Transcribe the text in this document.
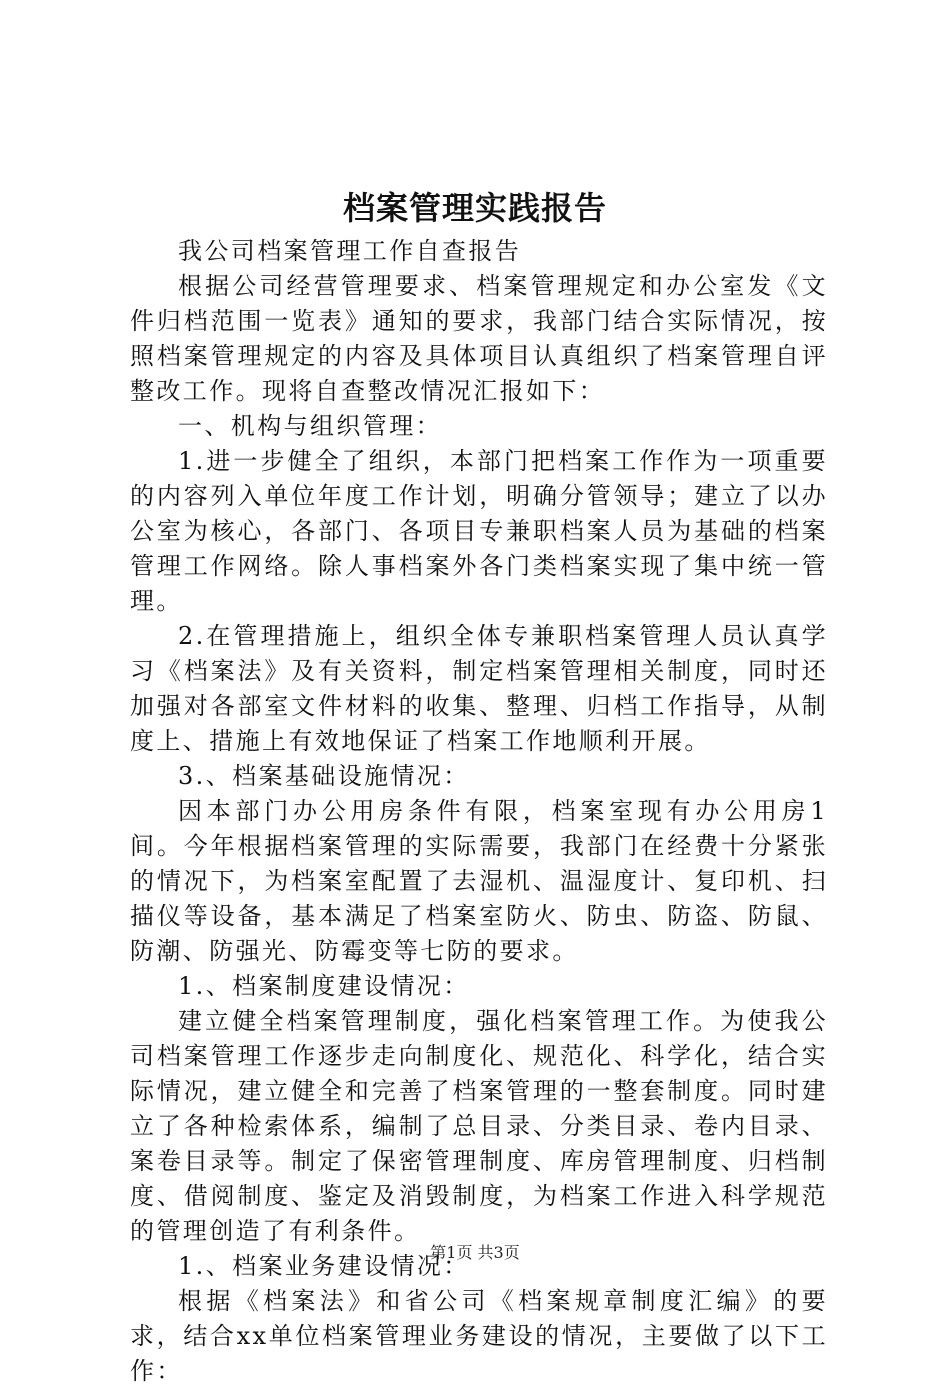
档案管理实践报告

我公司档案管理工作自查报告

根据公司经营管理要求、档案管理规定和办公室发《文件归档范围一览表》通知的要求，我部门结合实际情况，按照档案管理规定的内容及具体项目认真组织了档案管理自评整改工作。现将自查整改情况汇报如下：

一、机构与组织管理：

1.进一步健全了组织，本部门把档案工作作为一项重要的内容列入单位年度工作计划，明确分管领导；建立了以办公室为核心，各部门、各项目专兼职档案人员为基础的档案管理工作网络。除人事档案外各门类档案实现了集中统一管理。

2.在管理措施上，组织全体专兼职档案管理人员认真学习《档案法》及有关资料，制定档案管理相关制度，同时还加强对各部室文件材料的收集、整理、归档工作指导，从制度上、措施上有效地保证了档案工作地顺利开展。

3.、档案基础设施情况：

因本部门办公用房条件有限，档案室现有办公用房1间。今年根据档案管理的实际需要，我部门在经费十分紧张的情况下，为档案室配置了去湿机、温湿度计、复印机、扫描仪等设备，基本满足了档案室防火、防虫、防盗、防鼠、防潮、防强光、防霉变等七防的要求。

1.、档案制度建设情况：

建立健全档案管理制度，强化档案管理工作。为使我公司档案管理工作逐步走向制度化、规范化、科学化，结合实际情况，建立健全和完善了档案管理的一整套制度。同时建立了各种检索体系，编制了总目录、分类目录、卷内目录、案卷目录等。制定了保密管理制度、库房管理制度、归档制度、借阅制度、鉴定及消毁制度，为档案工作进入科学规范的管理创造了有利条件。

1.、档案业务建设情况：

根据《档案法》和省公司《档案规章制度汇编》的要求，结合xx单位档案管理业务建设的情况，主要做了以下工作：

第1页 共3页
